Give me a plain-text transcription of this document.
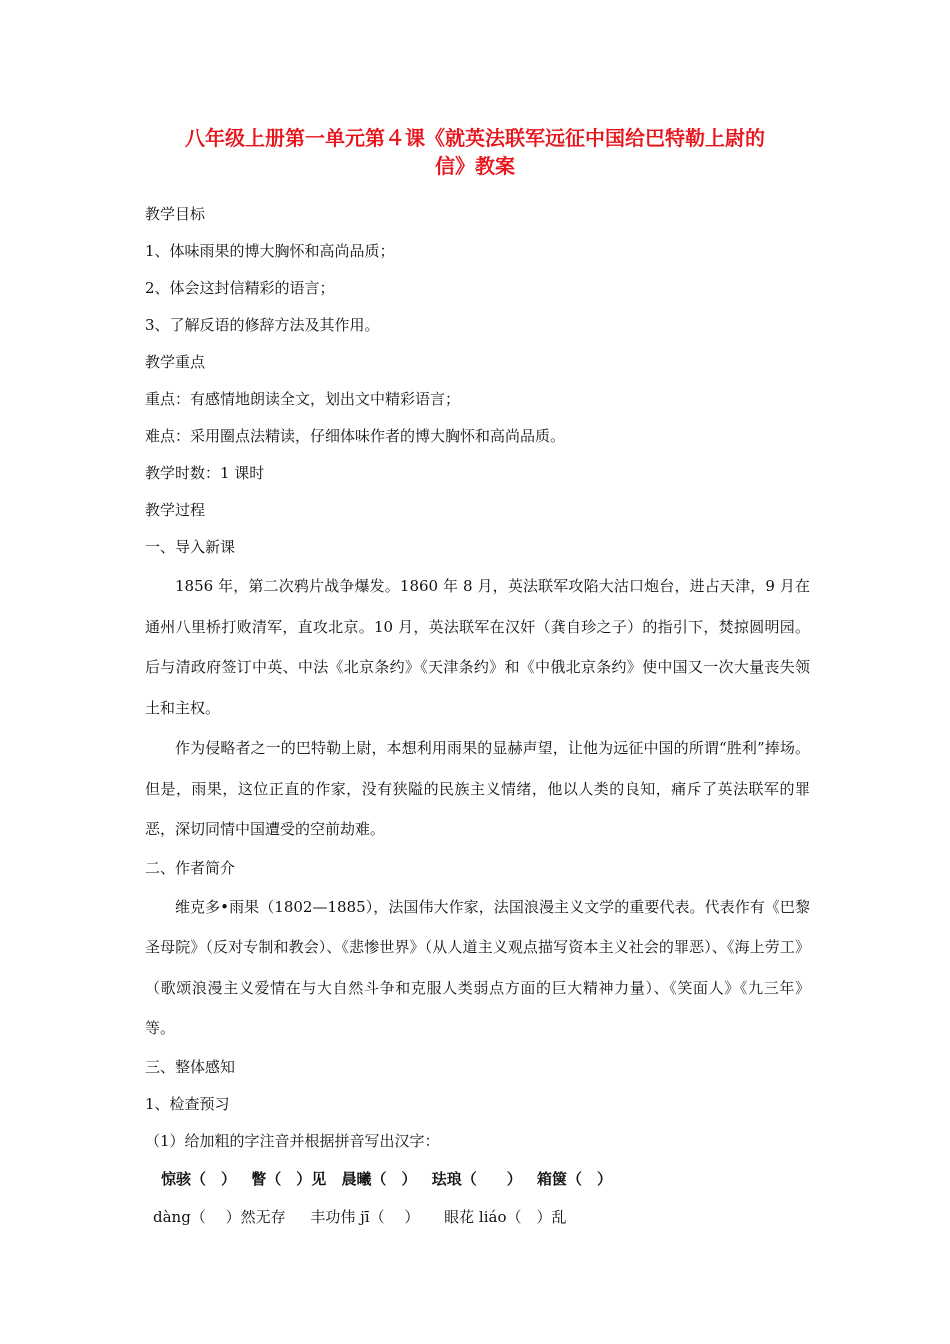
八年级上册第一单元第４课《就英法联军远征中国给巴特勒上尉的
信》教案

教学目标

1、体味雨果的博大胸怀和高尚品质；

2、体会这封信精彩的语言；

3、了解反语的修辞方法及其作用。

教学重点

重点：有感情地朗读全文，划出文中精彩语言；

难点：采用圈点法精读，仔细体味作者的博大胸怀和高尚品质。

教学时数：1 课时

教学过程

一、导入新课

1856 年，第二次鸦片战争爆发。1860 年 8 月，英法联军攻陷大沽口炮台，进占天津，9 月在通州八里桥打败清军，直攻北京。10 月，英法联军在汉奸（龚自珍之子）的指引下，焚掠圆明园。后与清政府签订中英、中法《北京条约》《天津条约》和《中俄北京条约》使中国又一次大量丧失领土和主权。

作为侵略者之一的巴特勒上尉，本想利用雨果的显赫声望，让他为远征中国的所谓“胜利”捧场。但是，雨果，这位正直的作家，没有狭隘的民族主义情绪，他以人类的良知，痛斥了英法联军的罪恶，深切同情中国遭受的空前劫难。

二、作者简介

维克多•雨果（1802—1885），法国伟大作家，法国浪漫主义文学的重要代表。代表作有《巴黎圣母院》（反对专制和教会）、《悲惨世界》（从人道主义观点描写资本主义社会的罪恶）、《海上劳工》（歌颂浪漫主义爱情在与大自然斗争和克服人类弱点方面的巨大精神力量）、《笑面人》《九三年》等。

三、整体感知

1、检查预习

（1）给加粗的字注音并根据拼音写出汉字：

惊骇（　） 瞥（　）见 晨曦（　） 珐琅（　　） 箱箧（　）

dàng（　 ）然无存 丰功伟 jī（　 ） 眼花 liáo（　）乱
